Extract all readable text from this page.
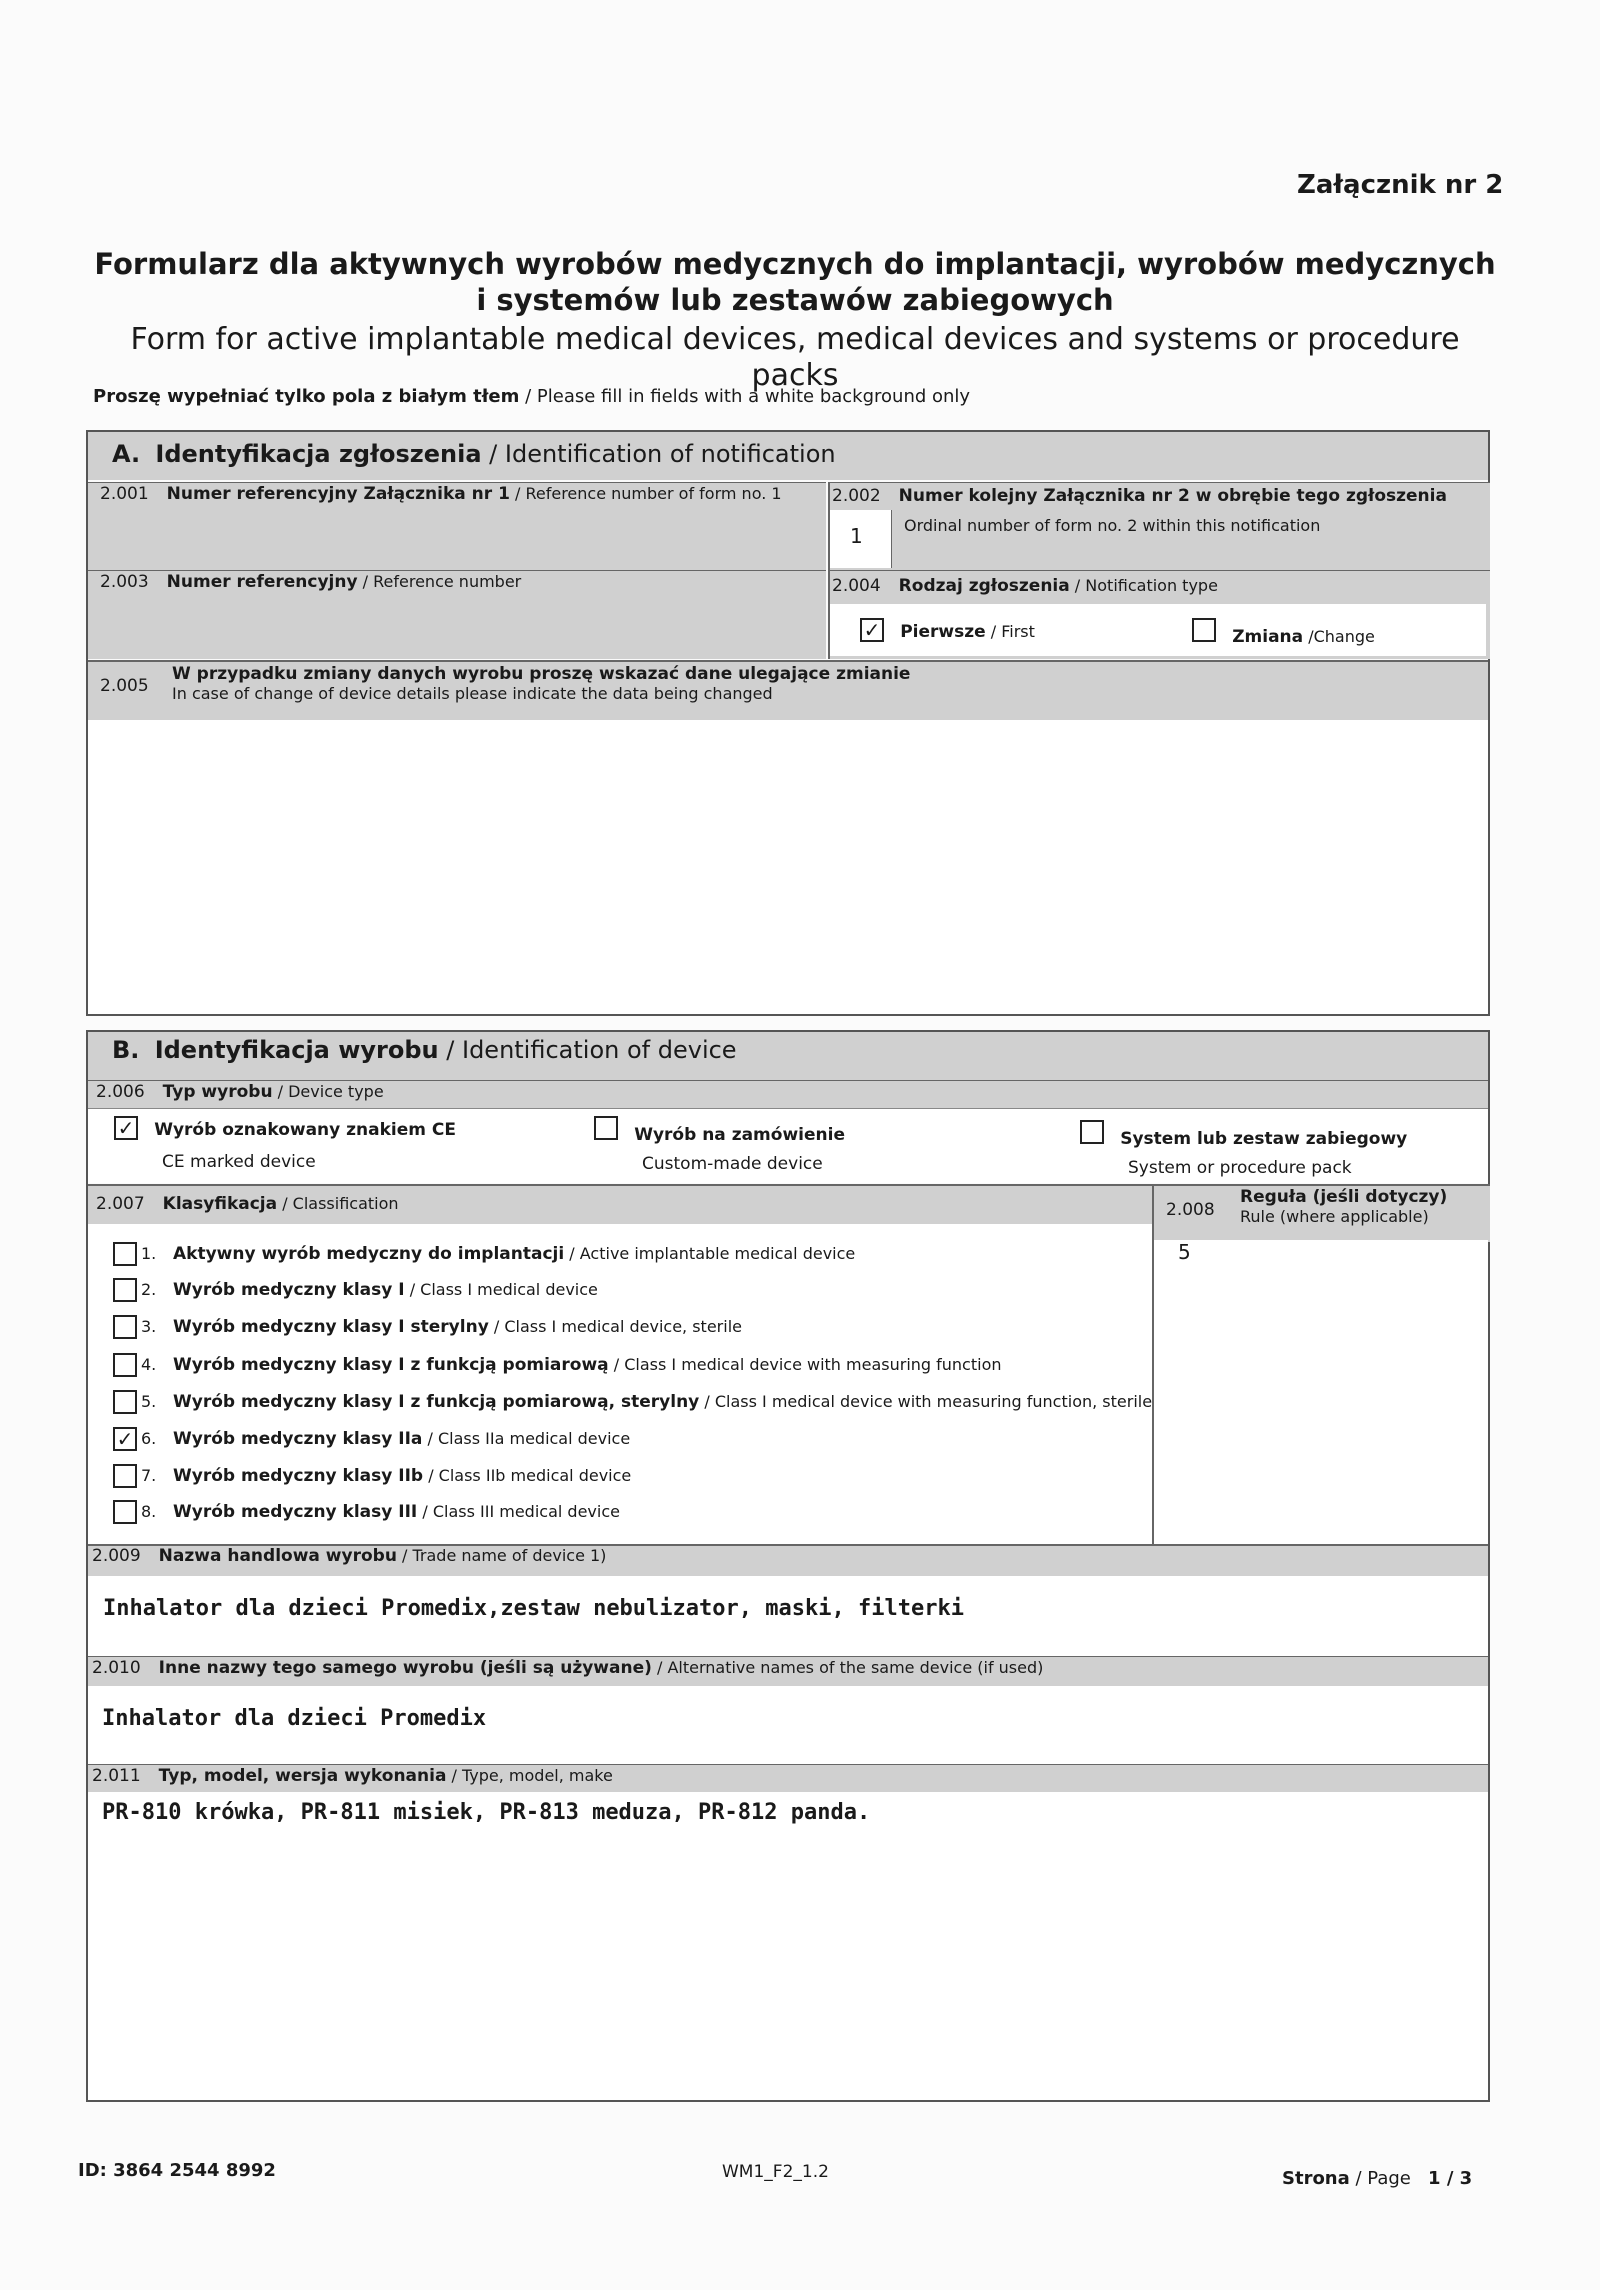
Załącznik nr 2
Formularz dla aktywnych wyrobów medycznych do implantacji, wyrobów medycznych
i systemów lub zestawów zabiegowych
Form for active implantable medical devices, medical devices and systems or procedure packs
Proszę wypełniać tylko pola z białym tłem / Please fill in fields with a white background only
A. Identyfikacja zgłoszenia / Identification of notification
2.001 Numer referencyjny Załącznika nr 1 / Reference number of form no. 1	2.002 Numer kolejny Załącznika nr 2 w obrębie tego zgłoszenia
Ordinal number of form no. 2 within this notification
1
2.003 Numer referencyjny / Reference number	2.004 Rodzaj zgłoszenia / Notification type
✓ Pierwsze / First	Zmiana /Change
2.005
W przypadku zmiany danych wyrobu proszę wskazać dane ulegające zmianie
In case of change of device details please indicate the data being changed
B. Identyfikacja wyrobu / Identification of device
2.006 Typ wyrobu / Device type
✓ Wyrób oznakowany znakiem CE
CE marked device
Wyrób na zamówienie
Custom-made device
System lub zestaw zabiegowy
System or procedure pack
2.007 Klasyfikacja / Classification	2.008
Reguła (jeśli dotyczy)
Rule (where applicable)
5
1. Aktywny wyrób medyczny do implantacji / Active implantable medical device
2. Wyrób medyczny klasy I / Class I medical device
3. Wyrób medyczny klasy I sterylny / Class I medical device, sterile
4. Wyrób medyczny klasy I z funkcją pomiarową / Class I medical device with measuring function
5. Wyrób medyczny klasy I z funkcją pomiarową, sterylny / Class I medical device with measuring function, sterile
✓ 6. Wyrób medyczny klasy IIa / Class IIa medical device
7. Wyrób medyczny klasy IIb / Class IIb medical device
8. Wyrób medyczny klasy III / Class III medical device
2.009 Nazwa handlowa wyrobu / Trade name of device 1)
Inhalator dla dzieci Promedix,zestaw nebulizator, maski, filterki
2.010 Inne nazwy tego samego wyrobu (jeśli są używane) / Alternative names of the same device (if used)
Inhalator dla dzieci Promedix
2.011 Typ, model, wersja wykonania / Type, model, make
PR-810 krówka, PR-811 misiek, PR-813 meduza, PR-812 panda.
ID: 3864 2544 8992	WM1_F2_1.2	Strona / Page 1 / 3
